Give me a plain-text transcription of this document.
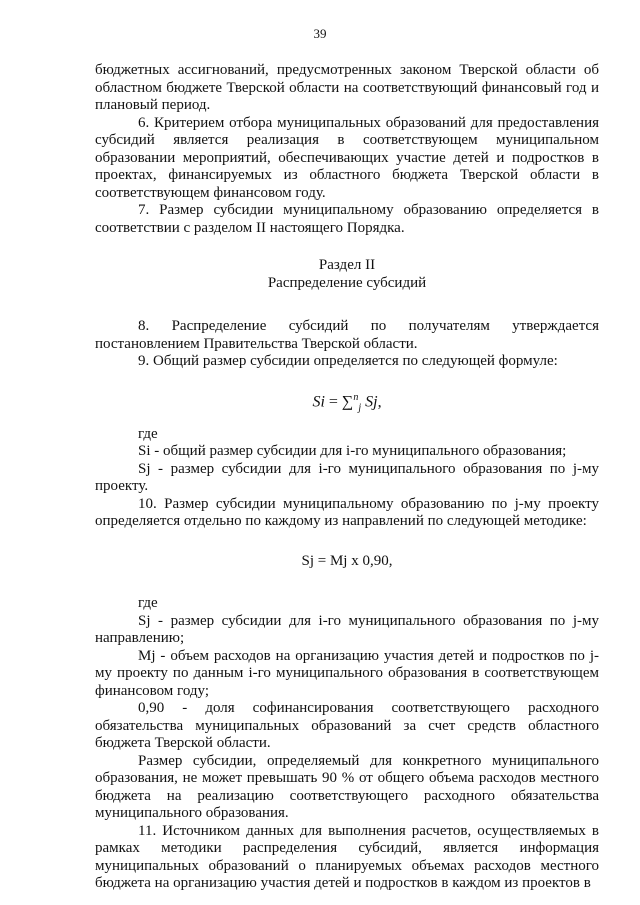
39

бюджетных ассигнований, предусмотренных законом Тверской области об областном бюджете Тверской области на соответствующий финансовый год и плановый период.

6. Критерием отбора муниципальных образований для предоставления субсидий является реализация в соответствующем муниципальном образовании мероприятий, обеспечивающих участие детей и подростков в проектах, финансируемых из областного бюджета Тверской области в соответствующем финансовом году.

7. Размер субсидии муниципальному образованию определяется в соответствии с разделом II настоящего Порядка.

Раздел II

Распределение субсидий

8. Распределение субсидий по получателям утверждается постановлением Правительства Тверской области.

9. Общий размер субсидии определяется по следующей формуле:

Si = ∑$^n_j$ Sj,

где

Si - общий размер субсидии для i-го муниципального образования;

Sj - размер субсидии для i-го муниципального образования по j-му проекту.

10. Размер субсидии муниципальному образованию по j-му проекту определяется отдельно по каждому из направлений по следующей методике:

Sj = Mj x 0,90,

где

Sj - размер субсидии для i-го муниципального образования по j-му направлению;

Mj - объем расходов на организацию участия детей и подростков по j-му проекту по данным i-го муниципального образования в соответствующем финансовом году;

0,90 - доля софинансирования соответствующего расходного обязательства муниципальных образований за счет средств областного бюджета Тверской области.

Размер субсидии, определяемый для конкретного муниципального образования, не может превышать 90 % от общего объема расходов местного бюджета на реализацию соответствующего расходного обязательства муниципального образования.

11. Источником данных для выполнения расчетов, осуществляемых в рамках методики распределения субсидий, является информация муниципальных образований о планируемых объемах расходов местного бюджета на организацию участия детей и подростков в каждом из проектов в
